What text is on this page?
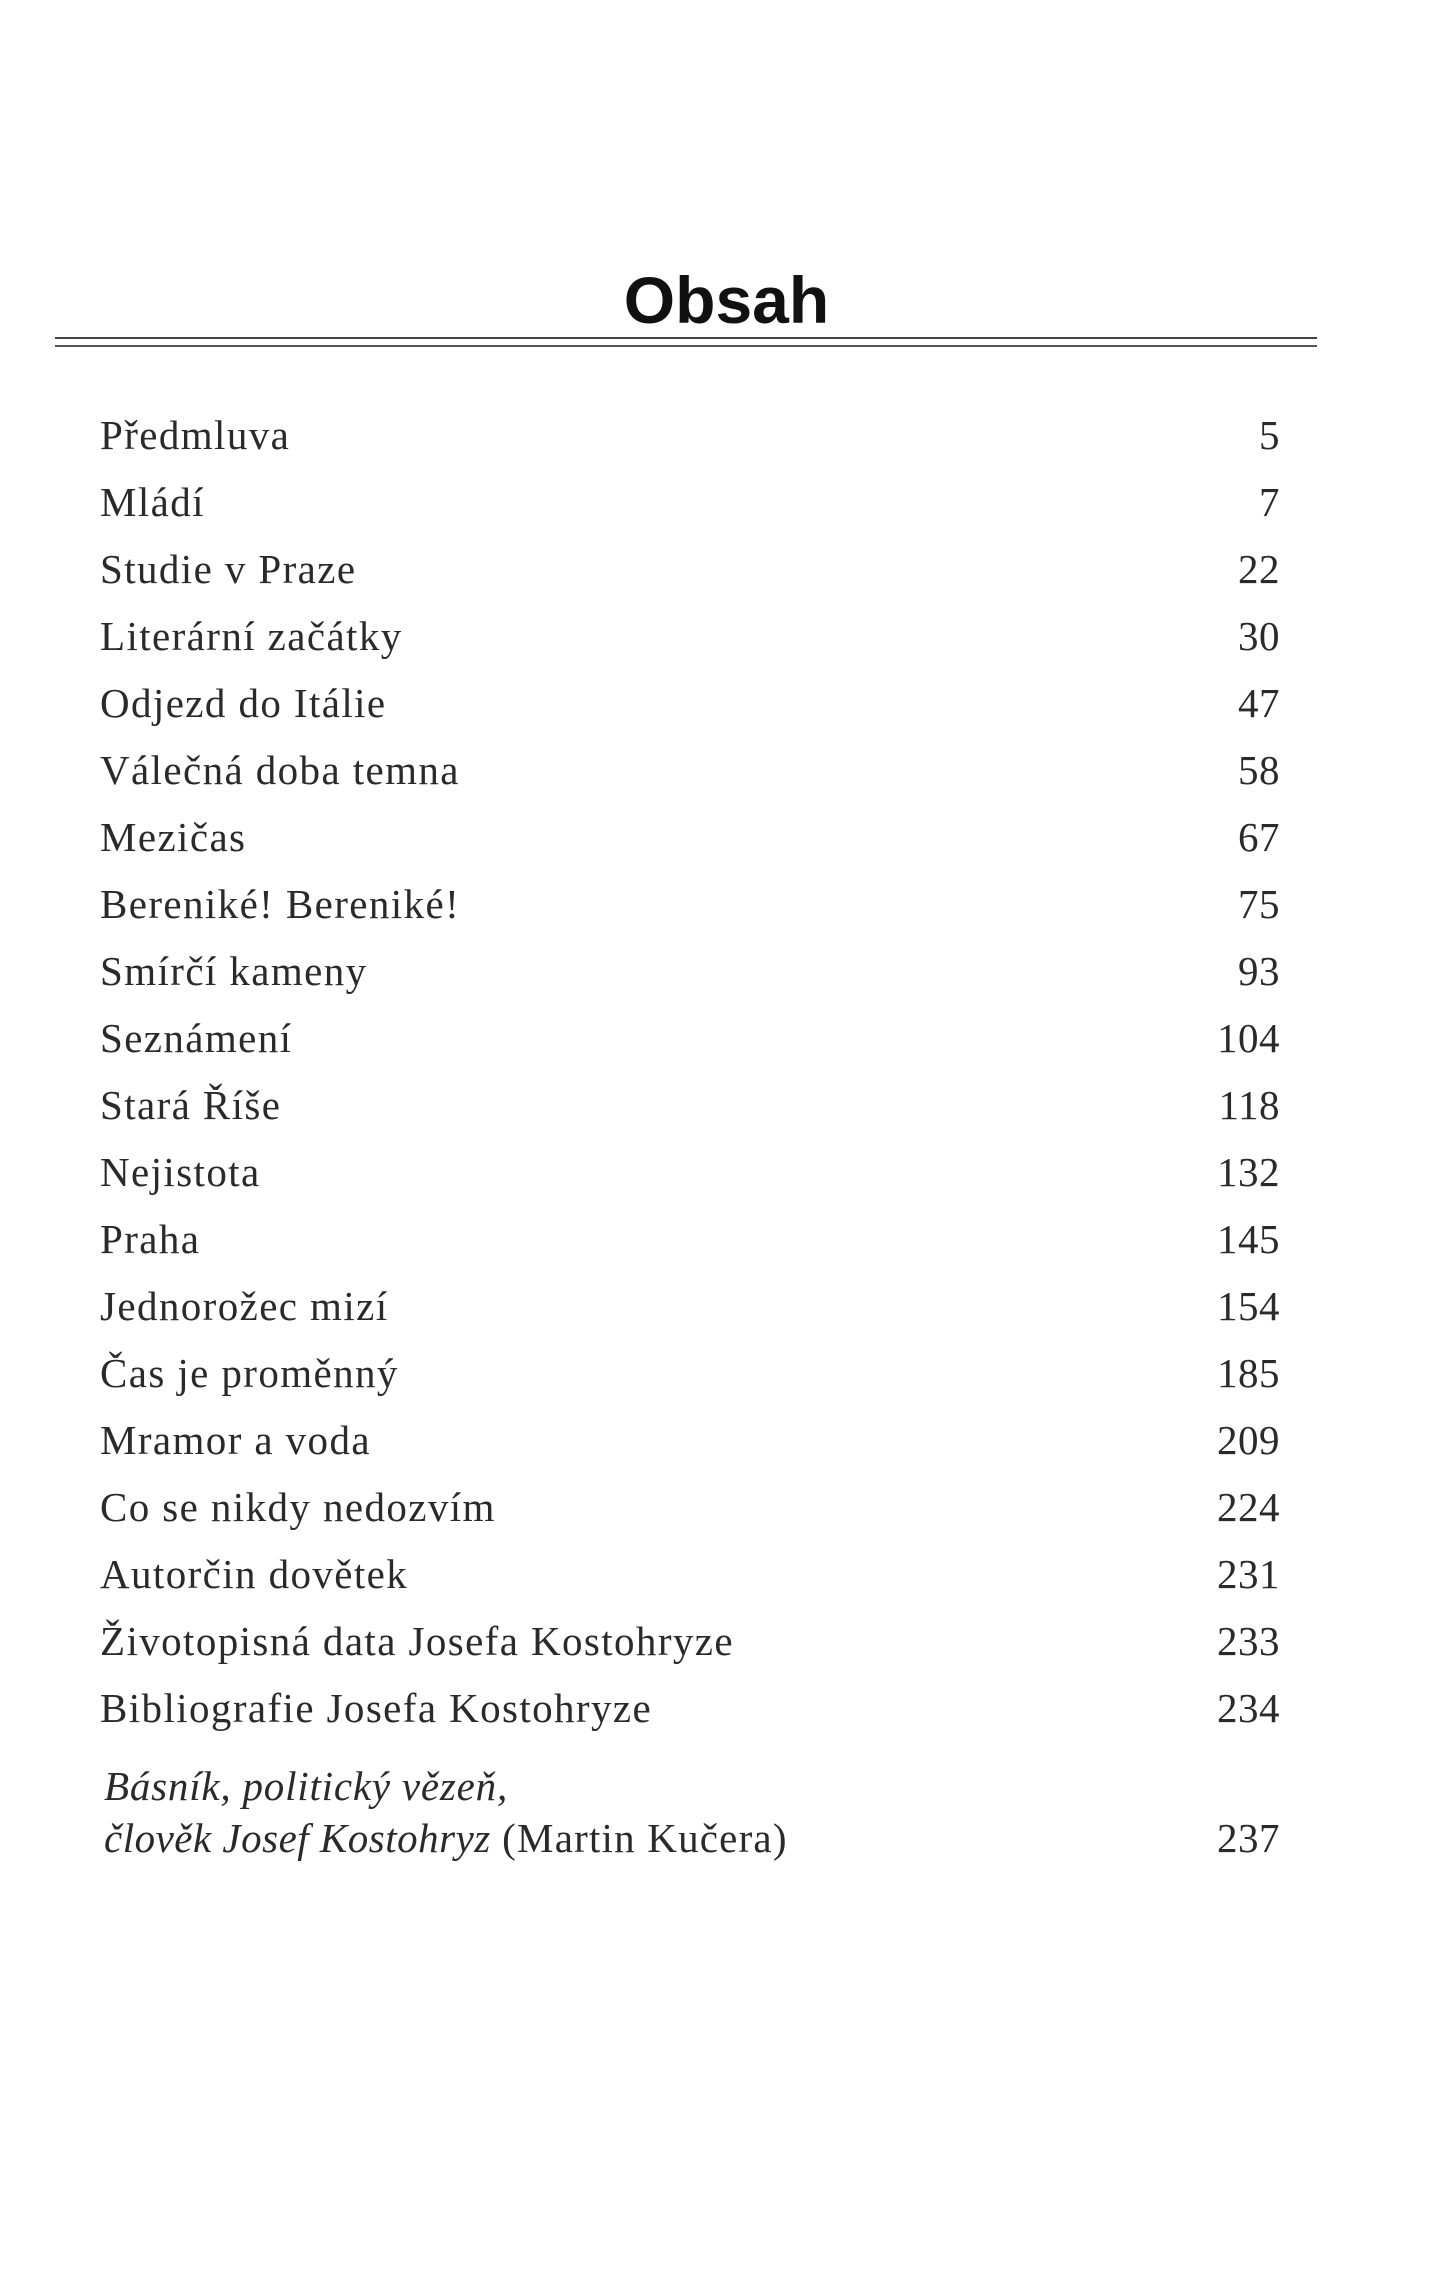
Obsah
Předmluva	5
Mládí	7
Studie v Praze	22
Literární začátky	30
Odjezd do Itálie	47
Válečná doba temna	58
Mezičas	67
Bereniké! Bereniké!	75
Smírčí kameny	93
Seznámení	104
Stará Říše	118
Nejistota	132
Praha	145
Jednorožec mizí	154
Čas je proměnný	185
Mramor a voda	209
Co se nikdy nedozvím	224
Autorčin dovětek	231
Životopisná data Josefa Kostohryze	233
Bibliografie Josefa Kostohryze	234
Básník, politický vězeň,
člověk Josef Kostohryz (Martin Kučera)	237
